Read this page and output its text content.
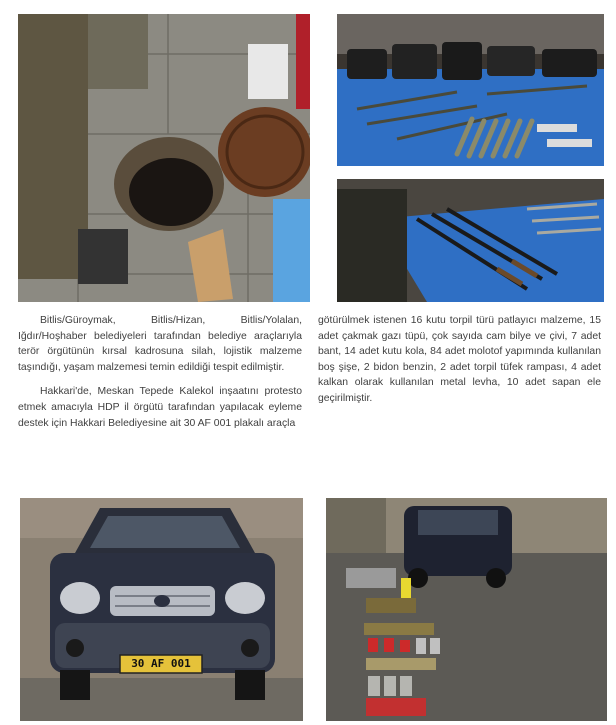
Bitlis/Güroymak, Bitlis/Hizan, Bitlis/Yolalan, Iğdır/Hoşhaber belediyeleri tarafından belediye araçlarıyla terör örgütünün kırsal kadrosuna silah, lojistik malzeme taşındığı, yaşam malzemesi temin edildiği tespit edilmiştir.

Hakkari'de, Meskan Tepede Kalekol inşaatını protesto etmek amacıyla HDP il örgütü tarafından yapılacak eyleme destek için Hakkari Belediyesine ait 30 AF 001 plakalı araçla

götürülmek istenen 16 kutu torpil türü patlayıcı malzeme, 15 adet çakmak gazı tüpü, çok sayıda cam bilye ve çivi, 7 adet bant, 14 adet kutu kola, 84 adet molotof yapımında kullanılan boş şişe, 2 bidon benzin, 2 adet torpil tüfek rampası, 4 adet kalkan olarak kullanılan metal levha, 10 adet sapan ele geçirilmiştir.

30 AF 001
